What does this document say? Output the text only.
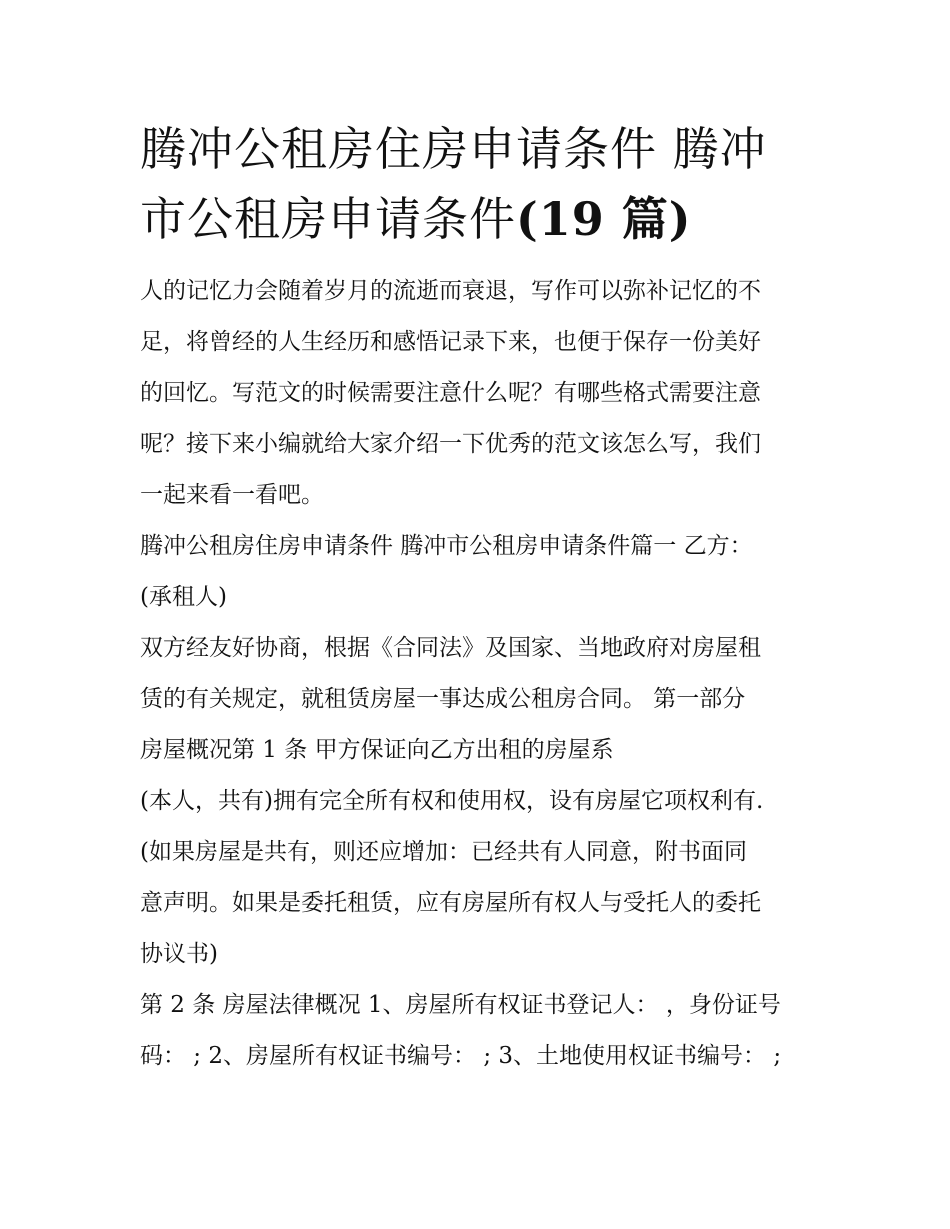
腾冲公租房住房申请条件 腾冲
市公租房申请条件(19 篇)
人的记忆力会随着岁月的流逝而衰退，写作可以弥补记忆的不
足，将曾经的人生经历和感悟记录下来，也便于保存一份美好
的回忆。写范文的时候需要注意什么呢？有哪些格式需要注意
呢？接下来小编就给大家介绍一下优秀的范文该怎么写，我们
一起来看一看吧。
腾冲公租房住房申请条件 腾冲市公租房申请条件篇一 乙方：
(承租人)
双方经友好协商，根据《合同法》及国家、当地政府对房屋租
赁的有关规定，就租赁房屋一事达成公租房合同。 第一部分
房屋概况第 1 条 甲方保证向乙方出租的房屋系
(本人，共有)拥有完全所有权和使用权，设有房屋它项权利有.
(如果房屋是共有，则还应增加：已经共有人同意，附书面同
意声明。如果是委托租赁，应有房屋所有权人与受托人的委托
协议书)
第 2 条 房屋法律概况 1、房屋所有权证书登记人： ，身份证号
码： ; 2、房屋所有权证书编号： ; 3、土地使用权证书编号： ;
